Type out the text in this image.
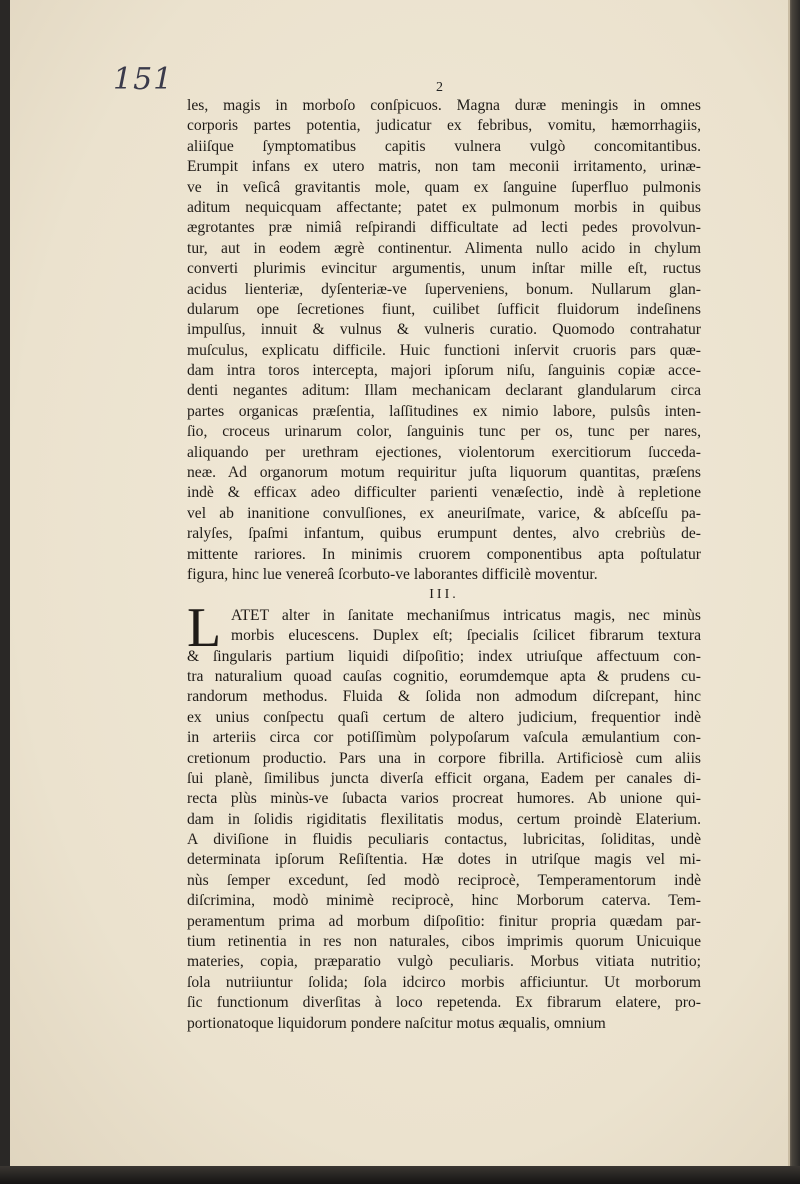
151	2
les, magis in morboſo conſpicuos. Magna duræ meningis in omnes
corporis partes potentia, judicatur ex febribus, vomitu, hæmorrhagiis,
aliiſque ſymptomatibus capitis vulnera vulgò concomitantibus.
Erumpit infans ex utero matris, non tam meconii irritamento, urinæ-
ve in veſicâ gravitantis mole, quam ex ſanguine ſuperfluo pulmonis
aditum nequicquam affectante; patet ex pulmonum morbis in quibus
ægrotantes præ nimiâ reſpirandi difficultate ad lecti pedes provolvun-
tur, aut in eodem ægrè continentur. Alimenta nullo acido in chylum
converti plurimis evincitur argumentis, unum inſtar mille eſt, ructus
acidus lienteriæ, dyſenteriæ-ve ſuperveniens, bonum. Nullarum glan-
dularum ope ſecretiones fiunt, cuilibet ſufficit fluidorum indeſinens
impulſus, innuit & vulnus & vulneris curatio. Quomodo contrahatur
muſculus, explicatu difficile. Huic functioni inſervit cruoris pars quæ-
dam intra toros intercepta, majori ipſorum niſu, ſanguinis copiæ acce-
denti negantes aditum: Illam mechanicam declarant glandularum circa
partes organicas præſentia, laſſitudines ex nimio labore, pulsûs inten-
ſio, croceus urinarum color, ſanguinis tunc per os, tunc per nares,
aliquando per urethram ejectiones, violentorum exercitiorum ſucceda-
neæ. Ad organorum motum requiritur juſta liquorum quantitas, præſens
indè & efficax adeo difficulter parienti venæſectio, indè à repletione
vel ab inanitione convulſiones, ex aneuriſmate, varice, & abſceſſu pa-
ralyſes, ſpaſmi infantum, quibus erumpunt dentes, alvo crebriùs de-
mittente rariores. In minimis cruorem componentibus apta poſtulatur
figura, hinc lue venereâ ſcorbuto-ve laborantes difficilè moventur.
III.
L ATET alter in ſanitate mechaniſmus intricatus magis, nec minùs
morbis elucescens. Duplex eſt; ſpecialis ſcilicet fibrarum textura
& ſingularis partium liquidi diſpoſitio; index utriuſque affectuum con-
tra naturalium quoad cauſas cognitio, eorumdemque apta & prudens cu-
randorum methodus. Fluida & ſolida non admodum diſcrepant, hinc
ex unius conſpectu quaſi certum de altero judicium, frequentior indè
in arteriis circa cor potiſſimùm polypoſarum vaſcula æmulantium con-
cretionum productio. Pars una in corpore fibrilla. Artificiosè cum aliis
ſui planè, ſimilibus juncta diverſa efficit organa, Eadem per canales di-
recta plùs minùs-ve ſubacta varios procreat humores. Ab unione qui-
dam in ſolidis rigiditatis flexilitatis modus, certum proindè Elaterium.
A diviſione in fluidis peculiaris contactus, lubricitas, ſoliditas, undè
determinata ipſorum Reſiſtentia. Hæ dotes in utriſque magis vel mi-
nùs ſemper excedunt, ſed modò reciprocè, Temperamentorum indè
diſcrimina, modò minimè reciprocè, hinc Morborum caterva. Tem-
peramentum prima ad morbum diſpoſitio: finitur propria quædam par-
tium retinentia in res non naturales, cibos imprimis quorum Unicuique
materies, copia, præparatio vulgò peculiaris. Morbus vitiata nutritio;
ſola nutriiuntur ſolida; ſola idcirco morbis afficiuntur. Ut morborum
ſic functionum diverſitas à loco repetenda. Ex fibrarum elatere, pro-
portionatoque liquidorum pondere naſcitur motus æqualis, omnium
